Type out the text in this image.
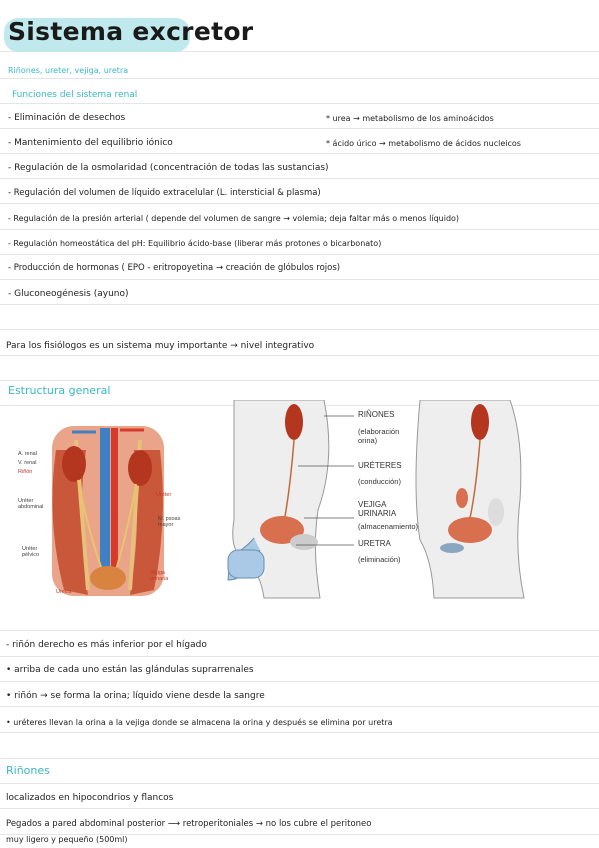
Sistema excretor
Riñones, ureter, vejiga, uretra
Funciones del sistema renal
- Eliminación de desechos
- Mantenimiento del equilibrio iónico
- Regulación de la osmolaridad (concentración de todas las sustancias)
- Regulación del volumen de líquido extracelular (L. intersticial & plasma)
- Regulación de la presión arterial ( depende del volumen de sangre → volemia; deja faltar más o menos líquido)
- Regulación homeostática del pH: Equilibrio ácido-base (liberar más protones o bicarbonato)
- Producción de hormonas ( EPO - eritropoyetina → creación de glóbulos rojos)
- Gluconeogénesis (ayuno)
* urea → metabolismo de los aminoácidos
* ácido úrico → metabolismo de ácidos nucleicos
Para los fisiólogos es un sistema muy importante → nivel integrativo
Estructura general
A. renal
V. renal
Riñón
Uréter abdominal
Uréter pélvico
Uréter
M. psoas mayor
Vejiga urinaria
Uretra
RIÑONES
(elaboración orina)
URÉTERES
(conducción)
VEJIGA URINARIA
(almacenamiento)
URETRA
(eliminación)
- riñón derecho es más inferior por el hígado
• arriba de cada uno están las glándulas suprarrenales
• riñón → se forma la orina; líquido viene desde la sangre
• uréteres llevan la orina a la vejiga donde se almacena la orina y después se elimina por uretra
Riñones
localizados en hipocondrios y flancos
Pegados a pared abdominal posterior ⟶ retroperitoniales → no los cubre el peritoneo
muy ligero y pequeño (500ml)
